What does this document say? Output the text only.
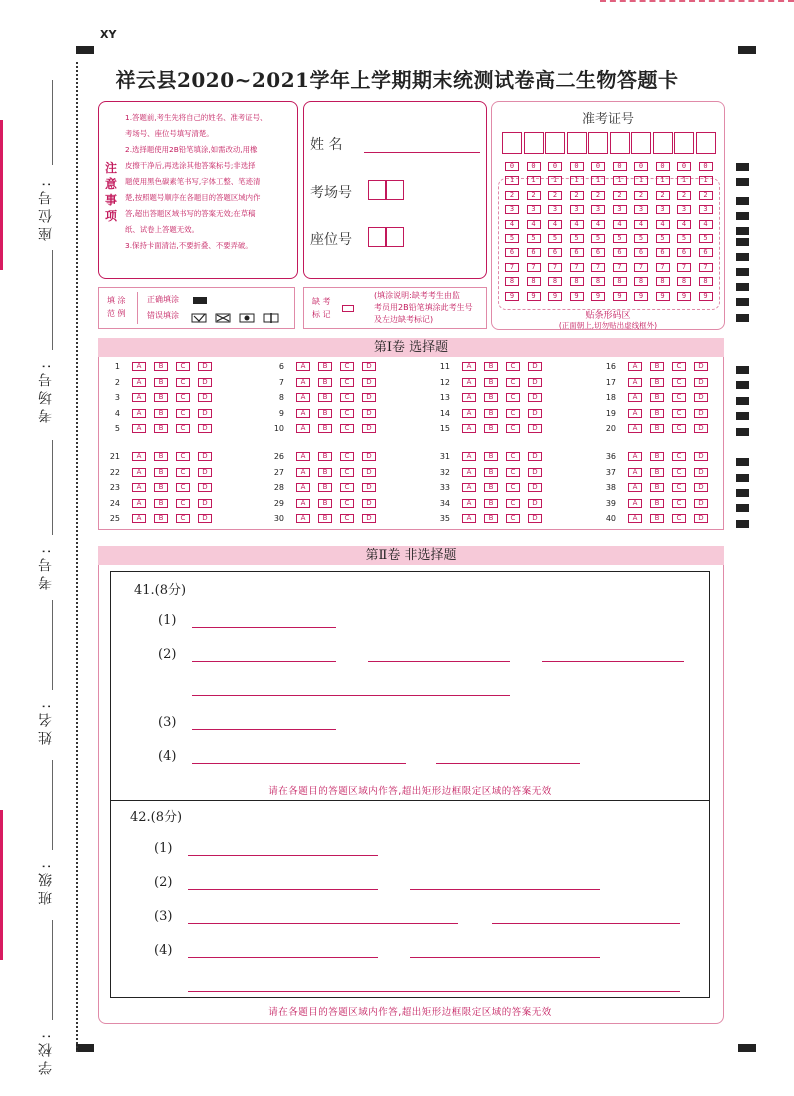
XY
座位号:
考场号:
考号:
姓名:
班级:
学校:
祥云县2020~2021学年上学期期末统测试卷高二生物答题卡
注意事项
1.答题前,考生先将自己的姓名、准考证号、
考场号、座位号填写清楚。
2.选择题使用2B铅笔填涂,如需改动,用橡
皮擦干净后,再选涂其他答案标号;非选择
题使用黑色碳素笔书写,字体工整、笔迹清
楚,按照题号顺序在各题目的答题区域内作
答,超出答题区域书写的答案无效;在草稿
纸、试卷上答题无效。
3.保持卡面清洁,不要折叠、不要弄破。
姓 名
考场号
座位号
准考证号
0	0	0	0	0	0	0	0	0	0
1	1	1	1	1	1	1	1	1	1
2	2	2	2	2	2	2	2	2	2
3	3	3	3	3	3	3	3	3	3
4	4	4	4	4	4	4	4	4	4
5	5	5	5	5	5	5	5	5	5
6	6	6	6	6	6	6	6	6	6
7	7	7	7	7	7	7	7	7	7
8	8	8	8	8	8	8	8	8	8
9	9	9	9	9	9	9	9	9	9
贴条形码区
(正面朝上,切勿贴出虚线框外)
填 涂
范 例
正确填涂
错误填涂
缺 考
标 记
(填涂说明:缺考考生由监
考员用2B铅笔填涂此考生号
及左边缺考标记)
第Ⅰ卷 选择题
1	A	B	C	D
2	A	B	C	D
3	A	B	C	D
4	A	B	C	D
5	A	B	C	D
6	A	B	C	D
7	A	B	C	D
8	A	B	C	D
9	A	B	C	D
10	A	B	C	D
11	A	B	C	D
12	A	B	C	D
13	A	B	C	D
14	A	B	C	D
15	A	B	C	D
16	A	B	C	D
17	A	B	C	D
18	A	B	C	D
19	A	B	C	D
20	A	B	C	D
21	A	B	C	D
22	A	B	C	D
23	A	B	C	D
24	A	B	C	D
25	A	B	C	D
26	A	B	C	D
27	A	B	C	D
28	A	B	C	D
29	A	B	C	D
30	A	B	C	D
31	A	B	C	D
32	A	B	C	D
33	A	B	C	D
34	A	B	C	D
35	A	B	C	D
36	A	B	C	D
37	A	B	C	D
38	A	B	C	D
39	A	B	C	D
40	A	B	C	D
第Ⅱ卷 非选择题
41.(8分)
(1)
(2)
(3)
(4)
请在各题目的答题区域内作答,超出矩形边框限定区域的答案无效
42.(8分)
(1)
(2)
(3)
(4)
请在各题目的答题区域内作答,超出矩形边框限定区域的答案无效
